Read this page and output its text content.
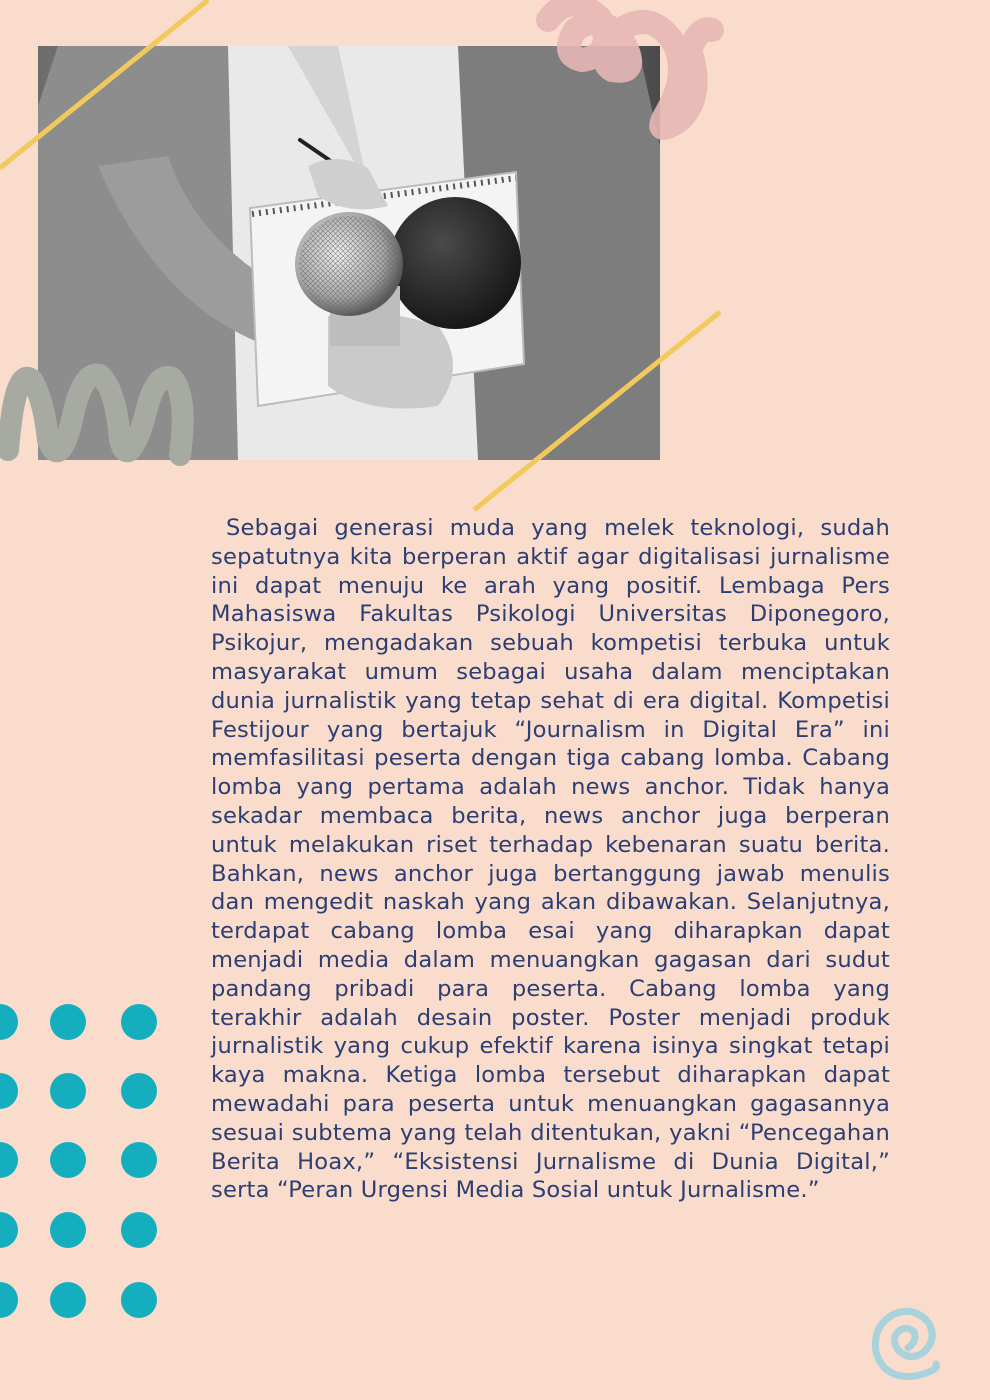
Sebagai generasi muda yang melek teknologi, sudah sepatutnya kita berperan aktif agar digitalisasi jurnalisme ini dapat menuju ke arah yang positif. Lembaga Pers Mahasiswa Fakultas Psikologi Universitas Diponegoro, Psikojur, mengadakan sebuah kompetisi terbuka untuk masyarakat umum sebagai usaha dalam menciptakan dunia jurnalistik yang tetap sehat di era digital. Kompetisi Festijour yang bertajuk “Journalism in Digital Era” ini memfasilitasi peserta dengan tiga cabang lomba. Cabang lomba yang pertama adalah news anchor. Tidak hanya sekadar membaca berita, news anchor juga berperan untuk melakukan riset terhadap kebenaran suatu berita. Bahkan, news anchor juga bertanggung jawab menulis dan mengedit naskah yang akan dibawakan. Selanjutnya, terdapat cabang lomba esai yang diharapkan dapat menjadi media dalam menuangkan gagasan dari sudut pandang pribadi para peserta. Cabang lomba yang terakhir adalah desain poster. Poster menjadi produk jurnalistik yang cukup efektif karena isinya singkat tetapi kaya makna. Ketiga lomba tersebut diharapkan dapat mewadahi para peserta untuk menuangkan gagasannya sesuai subtema yang telah ditentukan, yakni “Pencegahan Berita Hoax,” “Eksistensi Jurnalisme di Dunia Digital,” serta “Peran Urgensi Media Sosial untuk Jurnalisme.”
